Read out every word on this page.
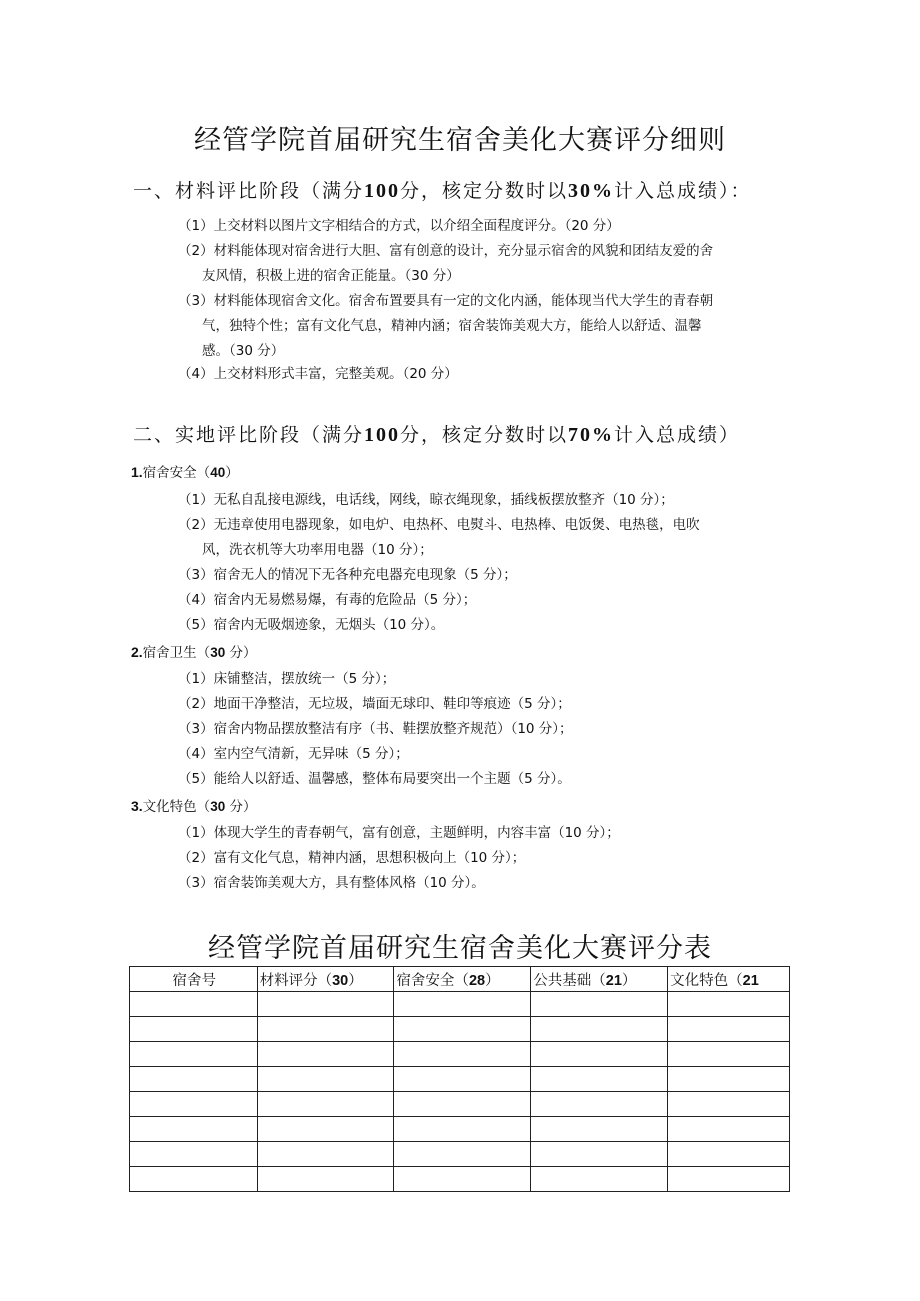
经管学院首届研究生宿舍美化大赛评分细则
一、材料评比阶段（满分100分，核定分数时以30%计入总成绩）：
（1）上交材料以图片文字相结合的方式，以介绍全面程度评分。（20 分）
（2）材料能体现对宿舍进行大胆、富有创意的设计，充分显示宿舍的风貌和团结友爱的舍
友风情，积极上进的宿舍正能量。（30 分）
（3）材料能体现宿舍文化。宿舍布置要具有一定的文化内涵，能体现当代大学生的青春朝
气，独特个性；富有文化气息，精神内涵；宿舍装饰美观大方，能给人以舒适、温馨
感。（30 分）
（4）上交材料形式丰富，完整美观。（20 分）
二、实地评比阶段（满分100分，核定分数时以70%计入总成绩）
1.宿舍安全（40）
（1）无私自乱接电源线，电话线，网线，晾衣绳现象，插线板摆放整齐（10 分）；
（2）无违章使用电器现象，如电炉、电热杯、电熨斗、电热棒、电饭煲、电热毯，电吹
风，洗衣机等大功率用电器（10 分）；
（3）宿舍无人的情况下无各种充电器充电现象（5 分）；
（4）宿舍内无易燃易爆，有毒的危险品（5 分）；
（5）宿舍内无吸烟迹象，无烟头（10 分）。
2.宿舍卫生（30 分）
（1）床铺整洁，摆放统一（5 分）；
（2）地面干净整洁，无垃圾，墙面无球印、鞋印等痕迹（5 分）；
（3）宿舍内物品摆放整洁有序（书、鞋摆放整齐规范）（10 分）；
（4）室内空气清新，无异味（5 分）；
（5）能给人以舒适、温馨感，整体布局要突出一个主题（5 分）。
3.文化特色（30 分）
（1）体现大学生的青春朝气，富有创意，主题鲜明，内容丰富（10 分）；
（2）富有文化气息，精神内涵，思想积极向上（10 分）；
（3）宿舍装饰美观大方，具有整体风格（10 分）。
经管学院首届研究生宿舍美化大赛评分表
宿舍号	材料评分（30）	宿舍安全（28）	公共基础（21）	文化特色（21
